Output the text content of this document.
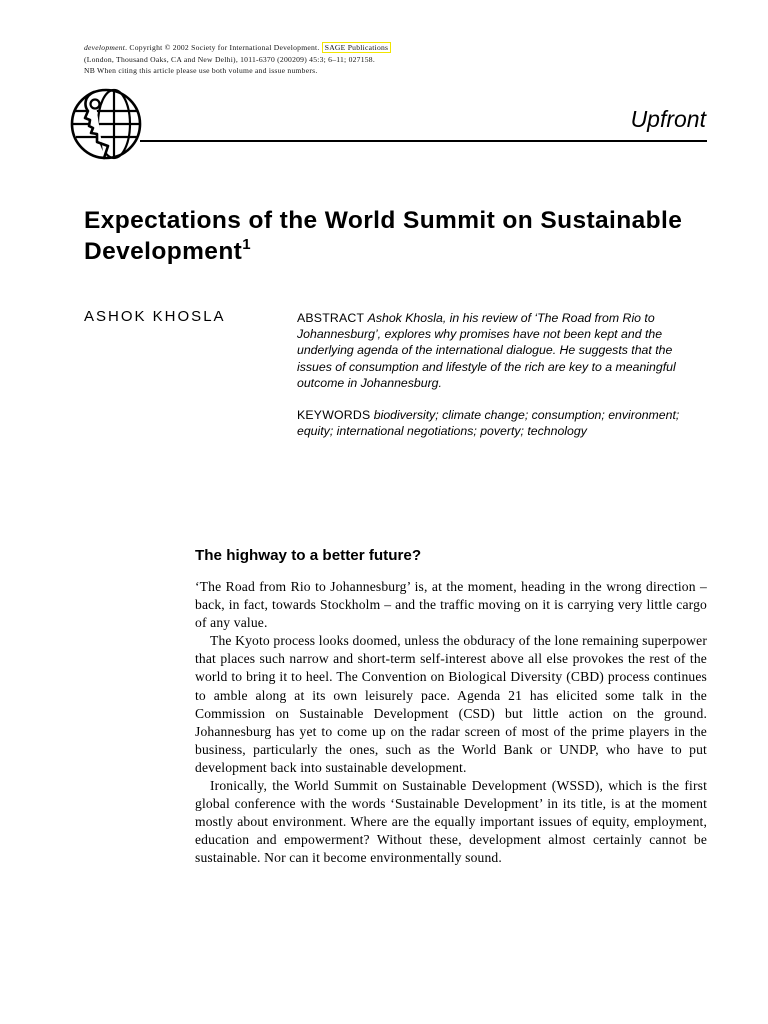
development. Copyright © 2002 Society for International Development. SAGE Publications
(London, Thousand Oaks, CA and New Delhi), 1011-6370 (200209) 45:3; 6–11; 027158.
NB When citing this article please use both volume and issue numbers.
Upfront
Expectations of the World Summit on Sustainable Development$^1$
ASHOK KHOSLA	ABSTRACT Ashok Khosla, in his review of ‘The Road from Rio to Johannesburg’, explores why promises have not been kept and the underlying agenda of the international dialogue. He suggests that the issues of consumption and lifestyle of the rich are key to a meaningful outcome in Johannesburg.

KEYWORDS biodiversity; climate change; consumption; environment; equity; international negotiations; poverty; technology

The highway to a better future?

‘The Road from Rio to Johannesburg’ is, at the moment, heading in the wrong direction – back, in fact, towards Stockholm – and the traffic moving on it is carrying very little cargo of any value.

The Kyoto process looks doomed, unless the obduracy of the lone remaining superpower that places such narrow and short-term self-interest above all else provokes the rest of the world to bring it to heel. The Convention on Biological Diversity (CBD) process continues to amble along at its own leisurely pace. Agenda 21 has elicited some talk in the Commission on Sustainable Development (CSD) but little action on the ground. Johannesburg has yet to come up on the radar screen of most of the prime players in the business, particularly the ones, such as the World Bank or UNDP, who have to put development back into sustainable development.

Ironically, the World Summit on Sustainable Development (WSSD), which is the first global conference with the words ‘Sustainable Development’ in its title, is at the moment mostly about environment. Where are the equally important issues of equity, employment, education and empowerment? Without these, development almost certainly cannot be sustainable. Nor can it become environmentally sound.
